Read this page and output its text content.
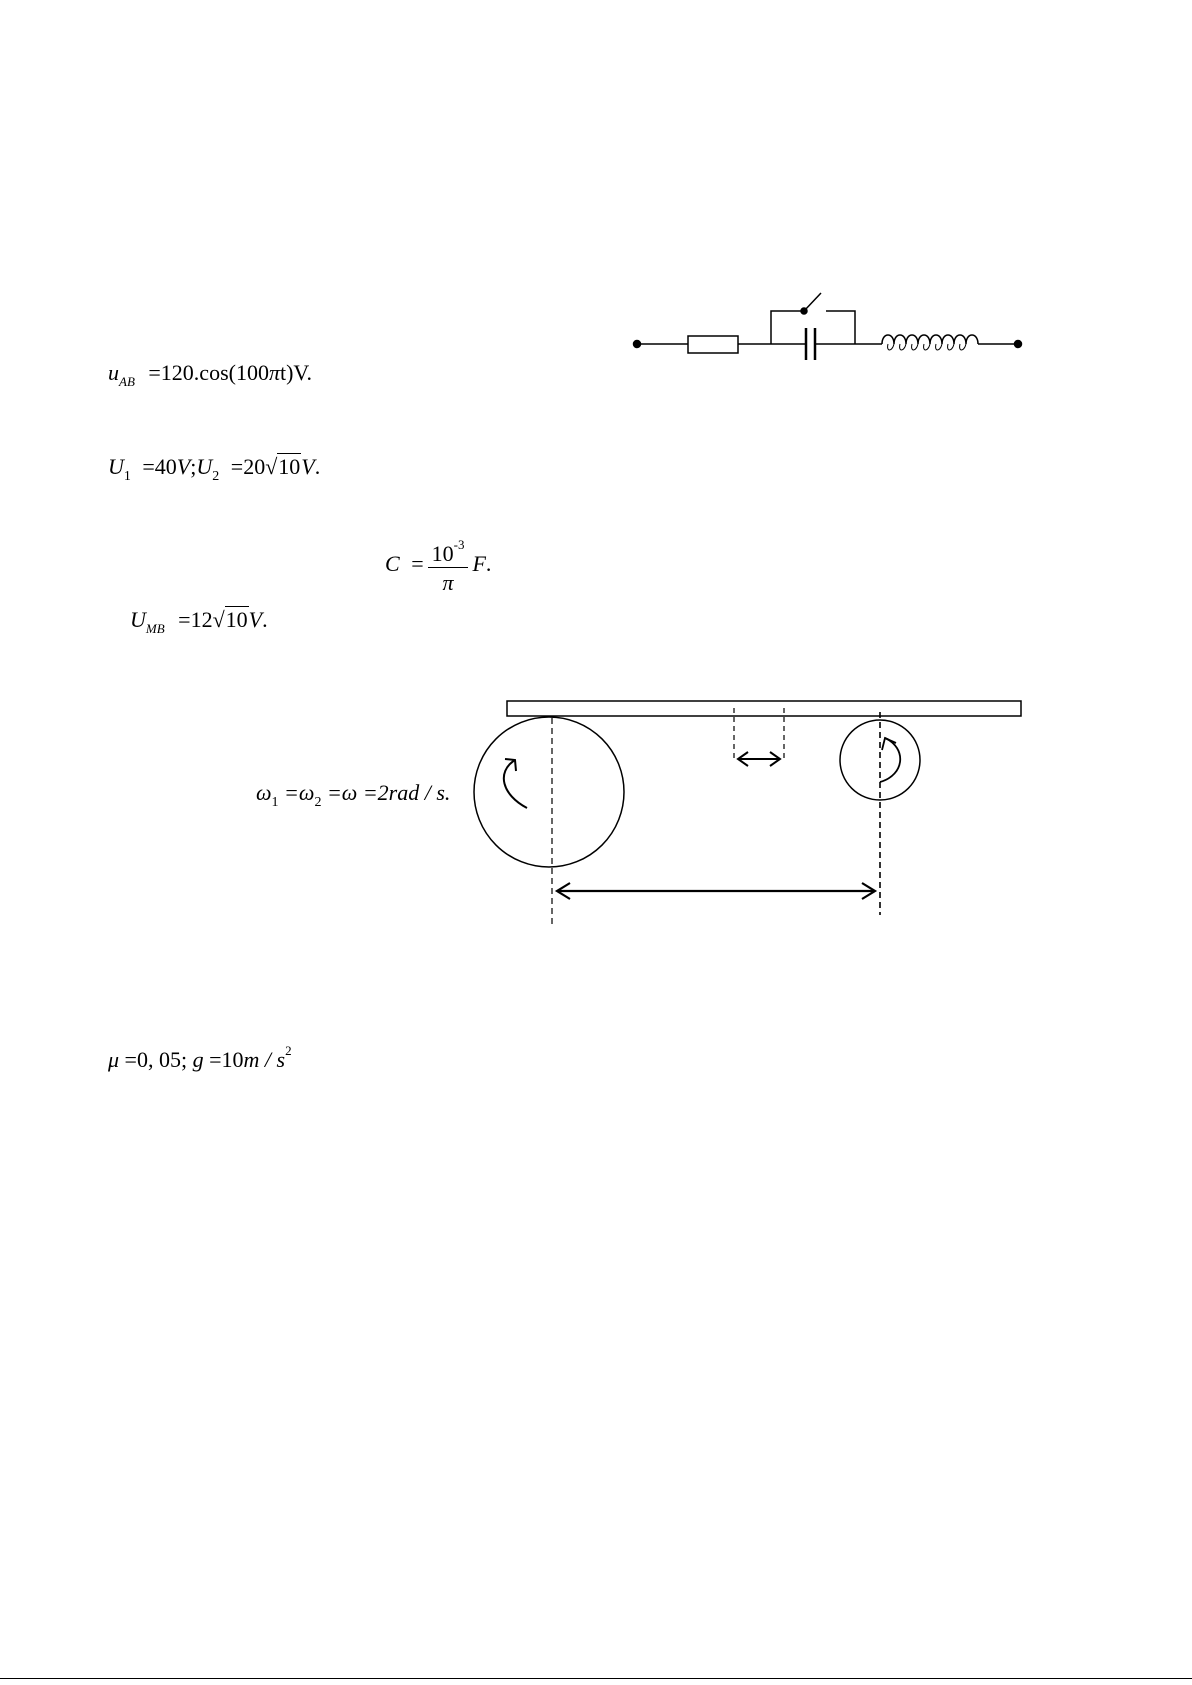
$u_{AB} =120.\cos(100\pi t)V$.
$U_1$ $=40V;U_2 =20√10V$.
$C = \frac{10^{-3}}{\pi} F$.
$U_{MB} =12√10V$.
$\omega_1 =\omega_2 =\omega =2rad / s$.
μ =0, 05; $g =10m / s^2$
